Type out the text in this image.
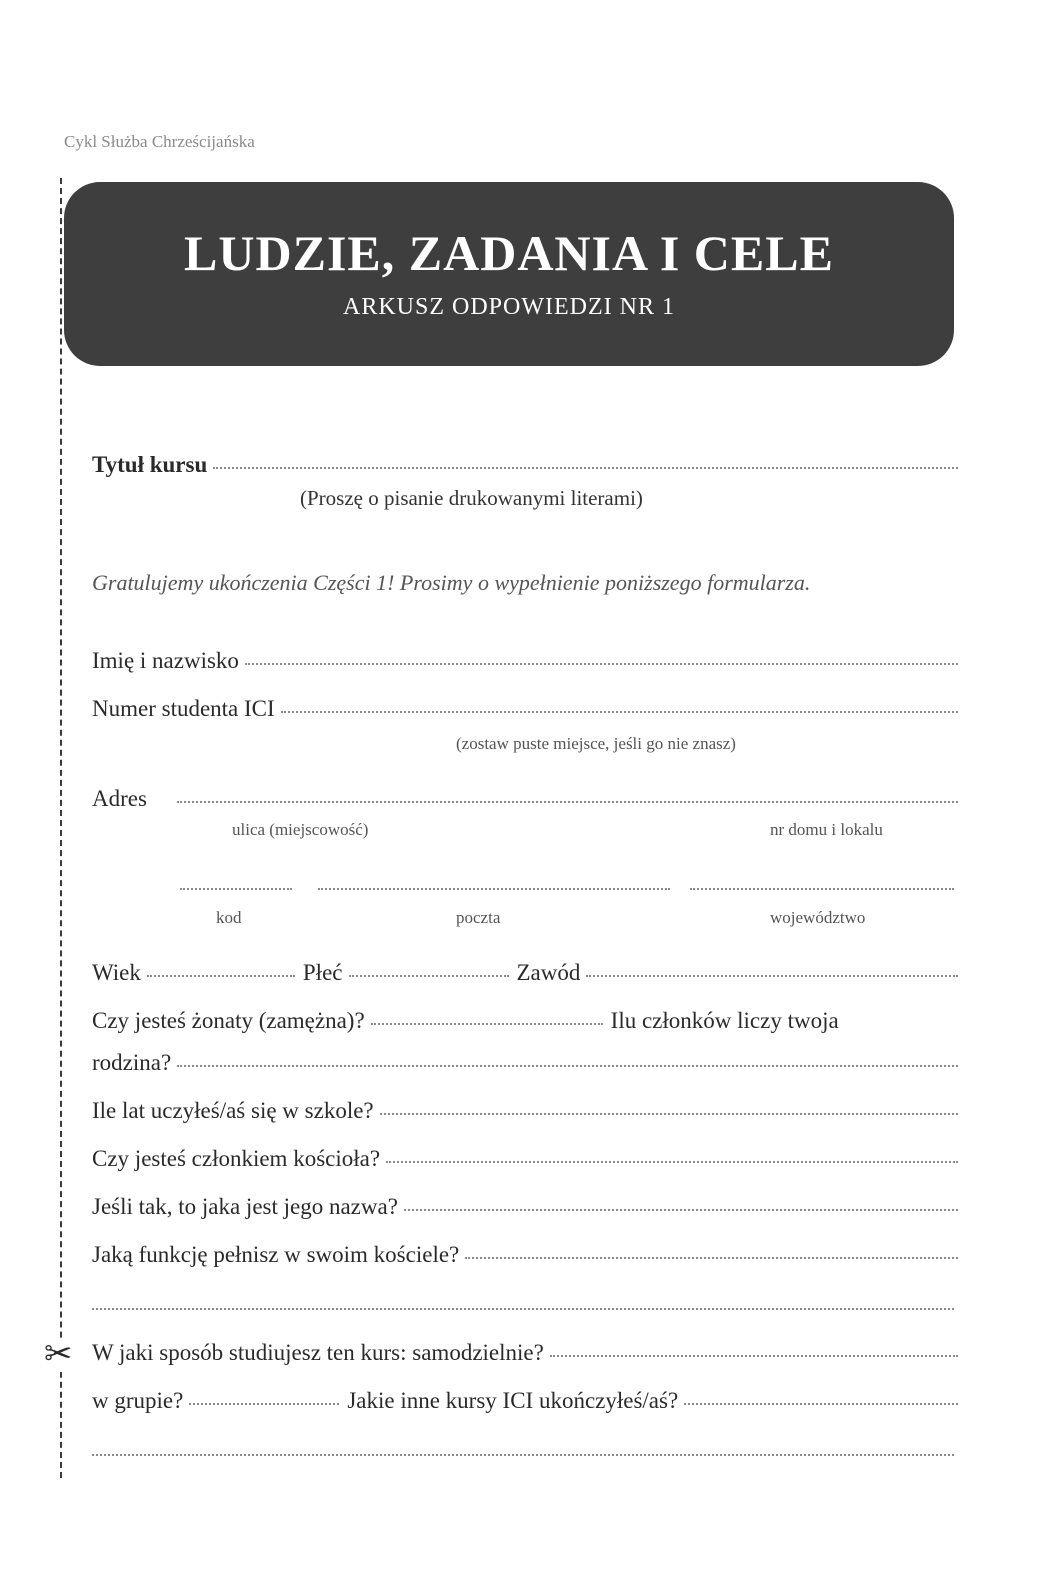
Cykl Służba Chrześcijańska
✂
LUDZIE, ZADANIA I CELE
ARKUSZ ODPOWIEDZI NR 1
Tytuł kursu
(Proszę o pisanie drukowanymi literami)
Gratulujemy ukończenia Części 1! Prosimy o wypełnienie poniższego formularza.
Imię i nazwisko
Numer studenta ICI
(zostaw puste miejsce, jeśli go nie znasz)
Adres
ulica (miejscowość)	nr domu i lokalu
kod	poczta	województwo
Wiek	Płeć	Zawód
Czy jesteś żonaty (zamężna)?	Ilu członków liczy twoja
rodzina?
Ile lat uczyłeś/aś się w szkole?
Czy jesteś członkiem kościoła?
Jeśli tak, to jaka jest jego nazwa?
Jaką funkcję pełnisz w swoim kościele?
W jaki sposób studiujesz ten kurs: samodzielnie?
w grupie?	Jakie inne kursy ICI ukończyłeś/aś?
